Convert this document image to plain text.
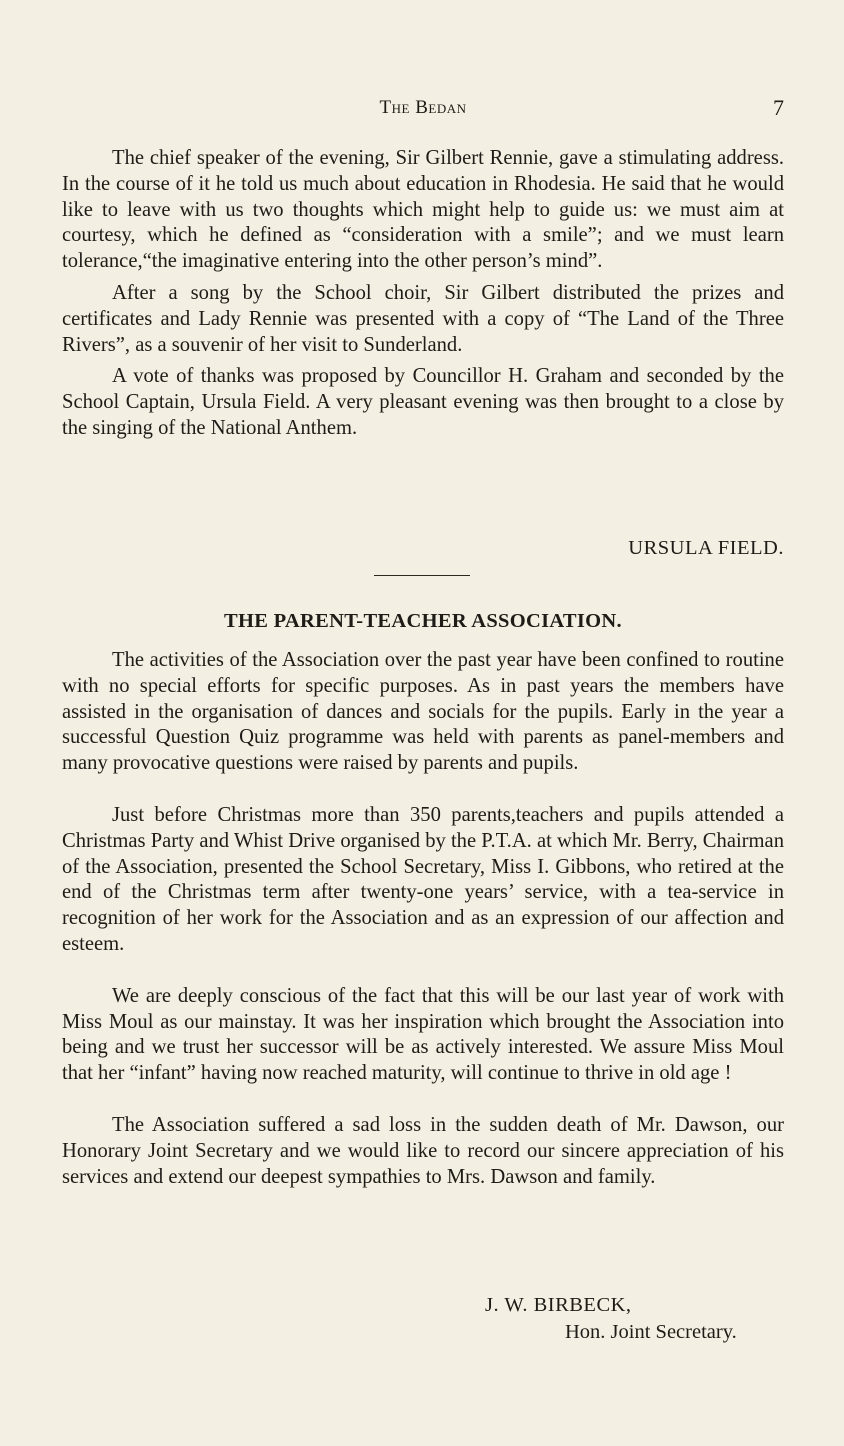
The Bedan	7

The chief speaker of the evening, Sir Gilbert Rennie, gave a stimulating address. In the course of it he told us much about education in Rhodesia. He said that he would like to leave with us two thoughts which might help to guide us: we must aim at courtesy, which he defined as “consideration with a smile”; and we must learn tolerance,“the imaginative entering into the other person’s mind”.

After a song by the School choir, Sir Gilbert distributed the prizes and certificates and Lady Rennie was presented with a copy of “The Land of the Three Rivers”, as a souvenir of her visit to Sunderland.

A vote of thanks was proposed by Councillor H. Graham and seconded by the School Captain, Ursula Field. A very pleasant evening was then brought to a close by the singing of the National Anthem.

URSULA FIELD.
THE PARENT-TEACHER ASSOCIATION.

The activities of the Association over the past year have been confined to routine with no special efforts for specific purposes. As in past years the members have assisted in the organisation of dances and socials for the pupils. Early in the year a successful Question Quiz programme was held with parents as panel-members and many provocative questions were raised by parents and pupils.

Just before Christmas more than 350 parents,teachers and pupils attended a Christmas Party and Whist Drive organised by the P.T.A. at which Mr. Berry, Chairman of the Association, presented the School Secretary, Miss I. Gibbons, who retired at the end of the Christmas term after twenty-one years’ service, with a tea-service in recognition of her work for the Association and as an expression of our affection and esteem.

We are deeply conscious of the fact that this will be our last year of work with Miss Moul as our mainstay. It was her inspiration which brought the Association into being and we trust her successor will be as actively interested. We assure Miss Moul that her “infant” having now reached maturity, will continue to thrive in old age !

The Association suffered a sad loss in the sudden death of Mr. Dawson, our Honorary Joint Secretary and we would like to record our sincere appreciation of his services and extend our deepest sympathies to Mrs. Dawson and family.

J. W. BIRBECK,
Hon. Joint Secretary.
